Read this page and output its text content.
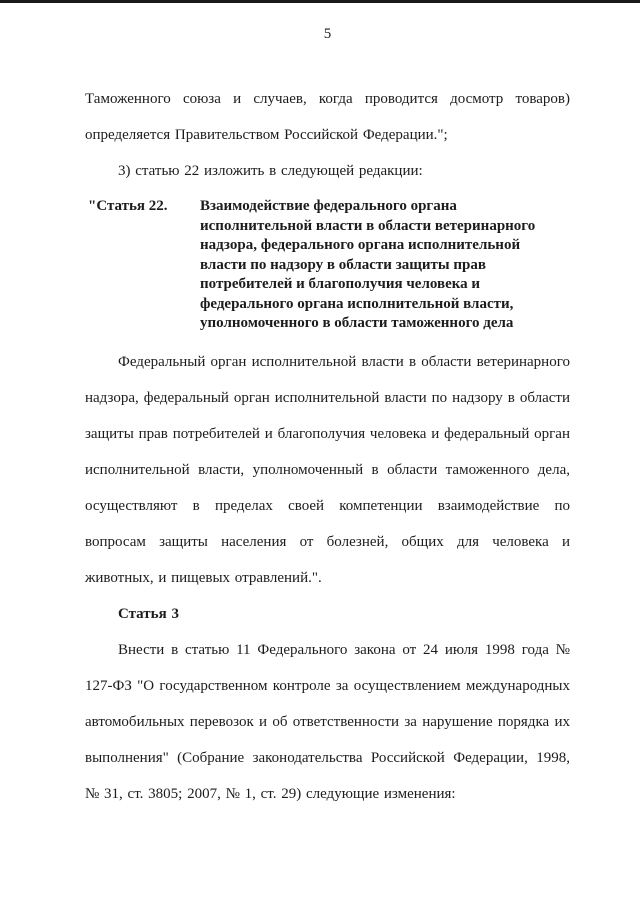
5

Таможенного союза и случаев, когда проводится досмотр товаров) определяется Правительством Российской Федерации.";

3) статью 22 изложить в следующей редакции:

"Статья 22.	Взаимодействие федерального органа исполнительной власти в области ветеринарного надзора, федерального органа исполнительной власти по надзору в области защиты прав потребителей и благополучия человека и федерального органа исполнительной власти, уполномоченного в области таможенного дела

Федеральный орган исполнительной власти в области ветеринарного надзора, федеральный орган исполнительной власти по надзору в области защиты прав потребителей и благополучия человека и федеральный орган исполнительной власти, уполномоченный в области таможенного дела, осуществляют в пределах своей компетенции взаимодействие по вопросам защиты населения от болезней, общих для человека и животных, и пищевых отравлений.".

Статья 3

Внести в статью 11 Федерального закона от 24 июля 1998 года № 127-ФЗ "О государственном контроле за осуществлением международных автомобильных перевозок и об ответственности за нарушение порядка их выполнения" (Собрание законодательства Российской Федерации, 1998, № 31, ст. 3805; 2007, № 1, ст. 29) следующие изменения:
